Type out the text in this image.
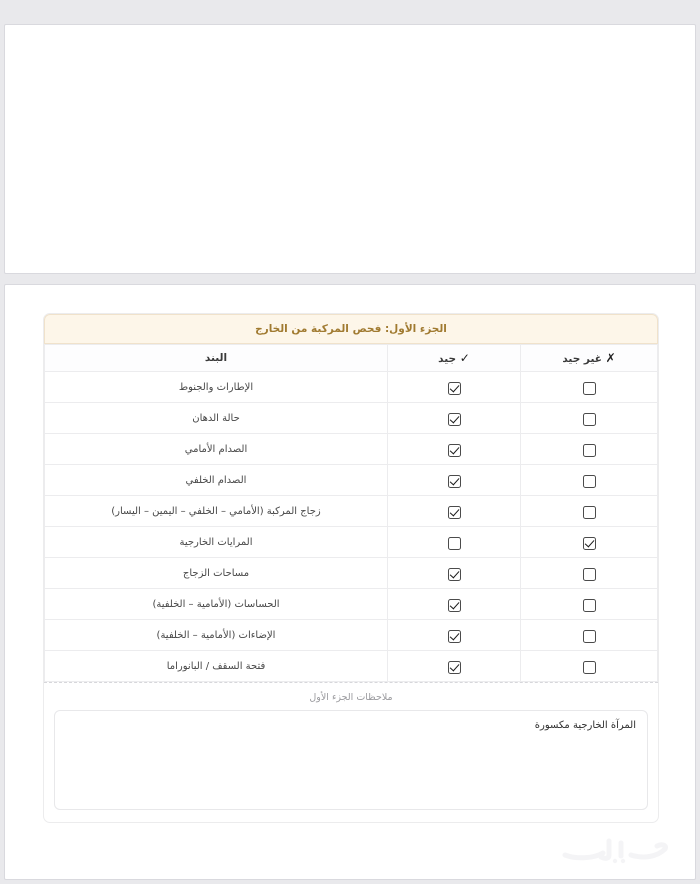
الجزء الأول: فحص المركبة من الخارج
✗ غير جيد	✓ جيد	البند
		الإطارات والجنوط
		حالة الدهان
		الصدام الأمامي
		الصدام الخلفي
		زجاج المركبة (الأمامي – الخلفي – اليمين – اليسار)
		المرايات الخارجية
		مساحات الزجاج
		الحساسات (الأمامية – الخلفية)
		الإضاءات (الأمامية – الخلفية)
		فتحة السقف / البانوراما
ملاحظات الجزء الأول
المرآة الخارجية مكسورة
